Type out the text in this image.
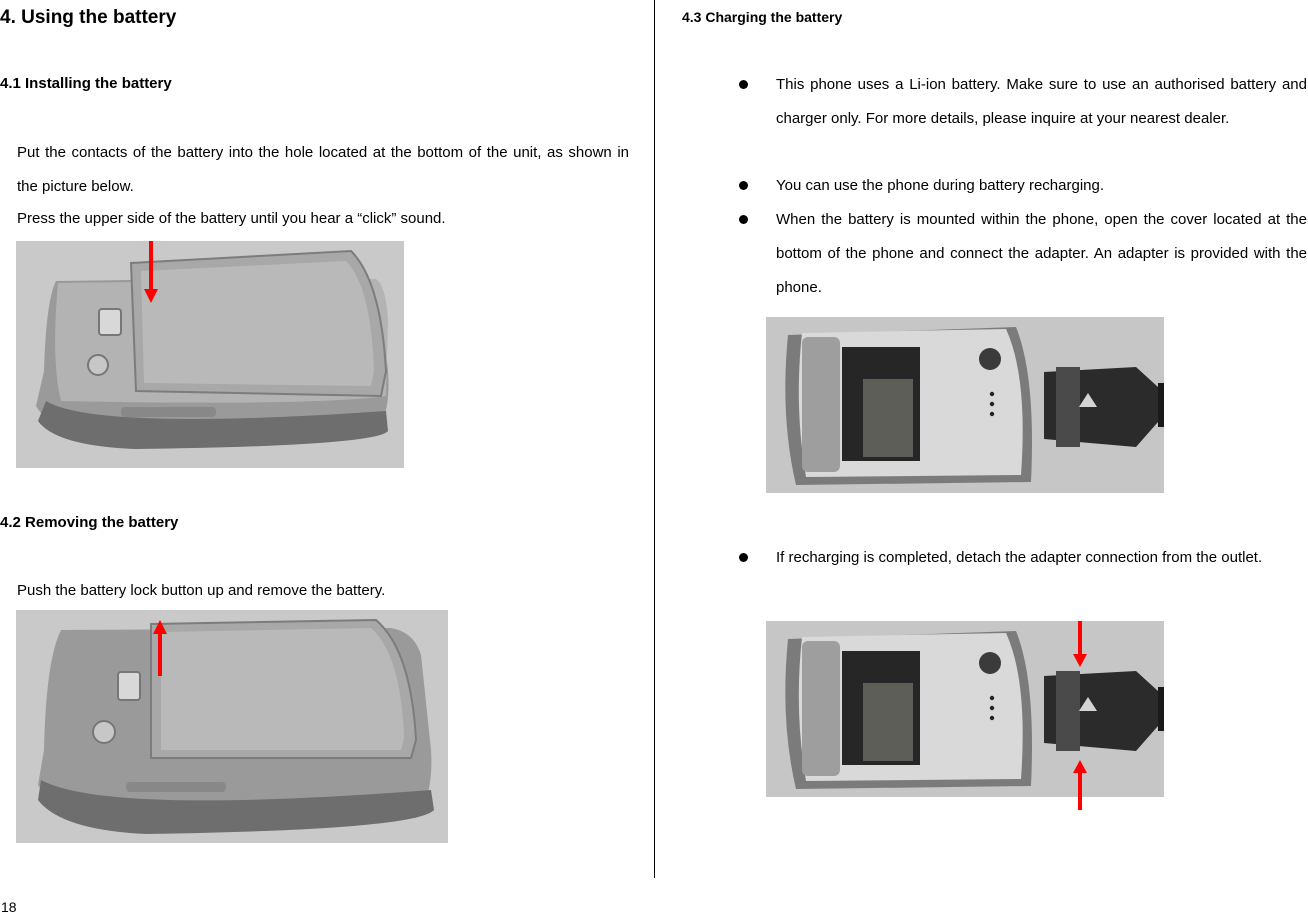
4. Using the battery
4.1 Installing the battery
Put the contacts of the battery into the hole located at the bottom of the unit, as shown in the picture below.
Press the upper side of the battery until you hear a “click” sound.
4.2 Removing the battery
Push the battery lock button up and remove the battery.
4.3 Charging the battery
This phone uses a Li-ion battery. Make sure to use an authorised battery and charger only. For more details, please inquire at your nearest dealer.
You can use the phone during battery recharging.
When the battery is mounted within the phone, open the cover located at the bottom of the phone and connect the adapter. An adapter is provided with the phone.
If recharging is completed, detach the adapter connection from the outlet.
18
